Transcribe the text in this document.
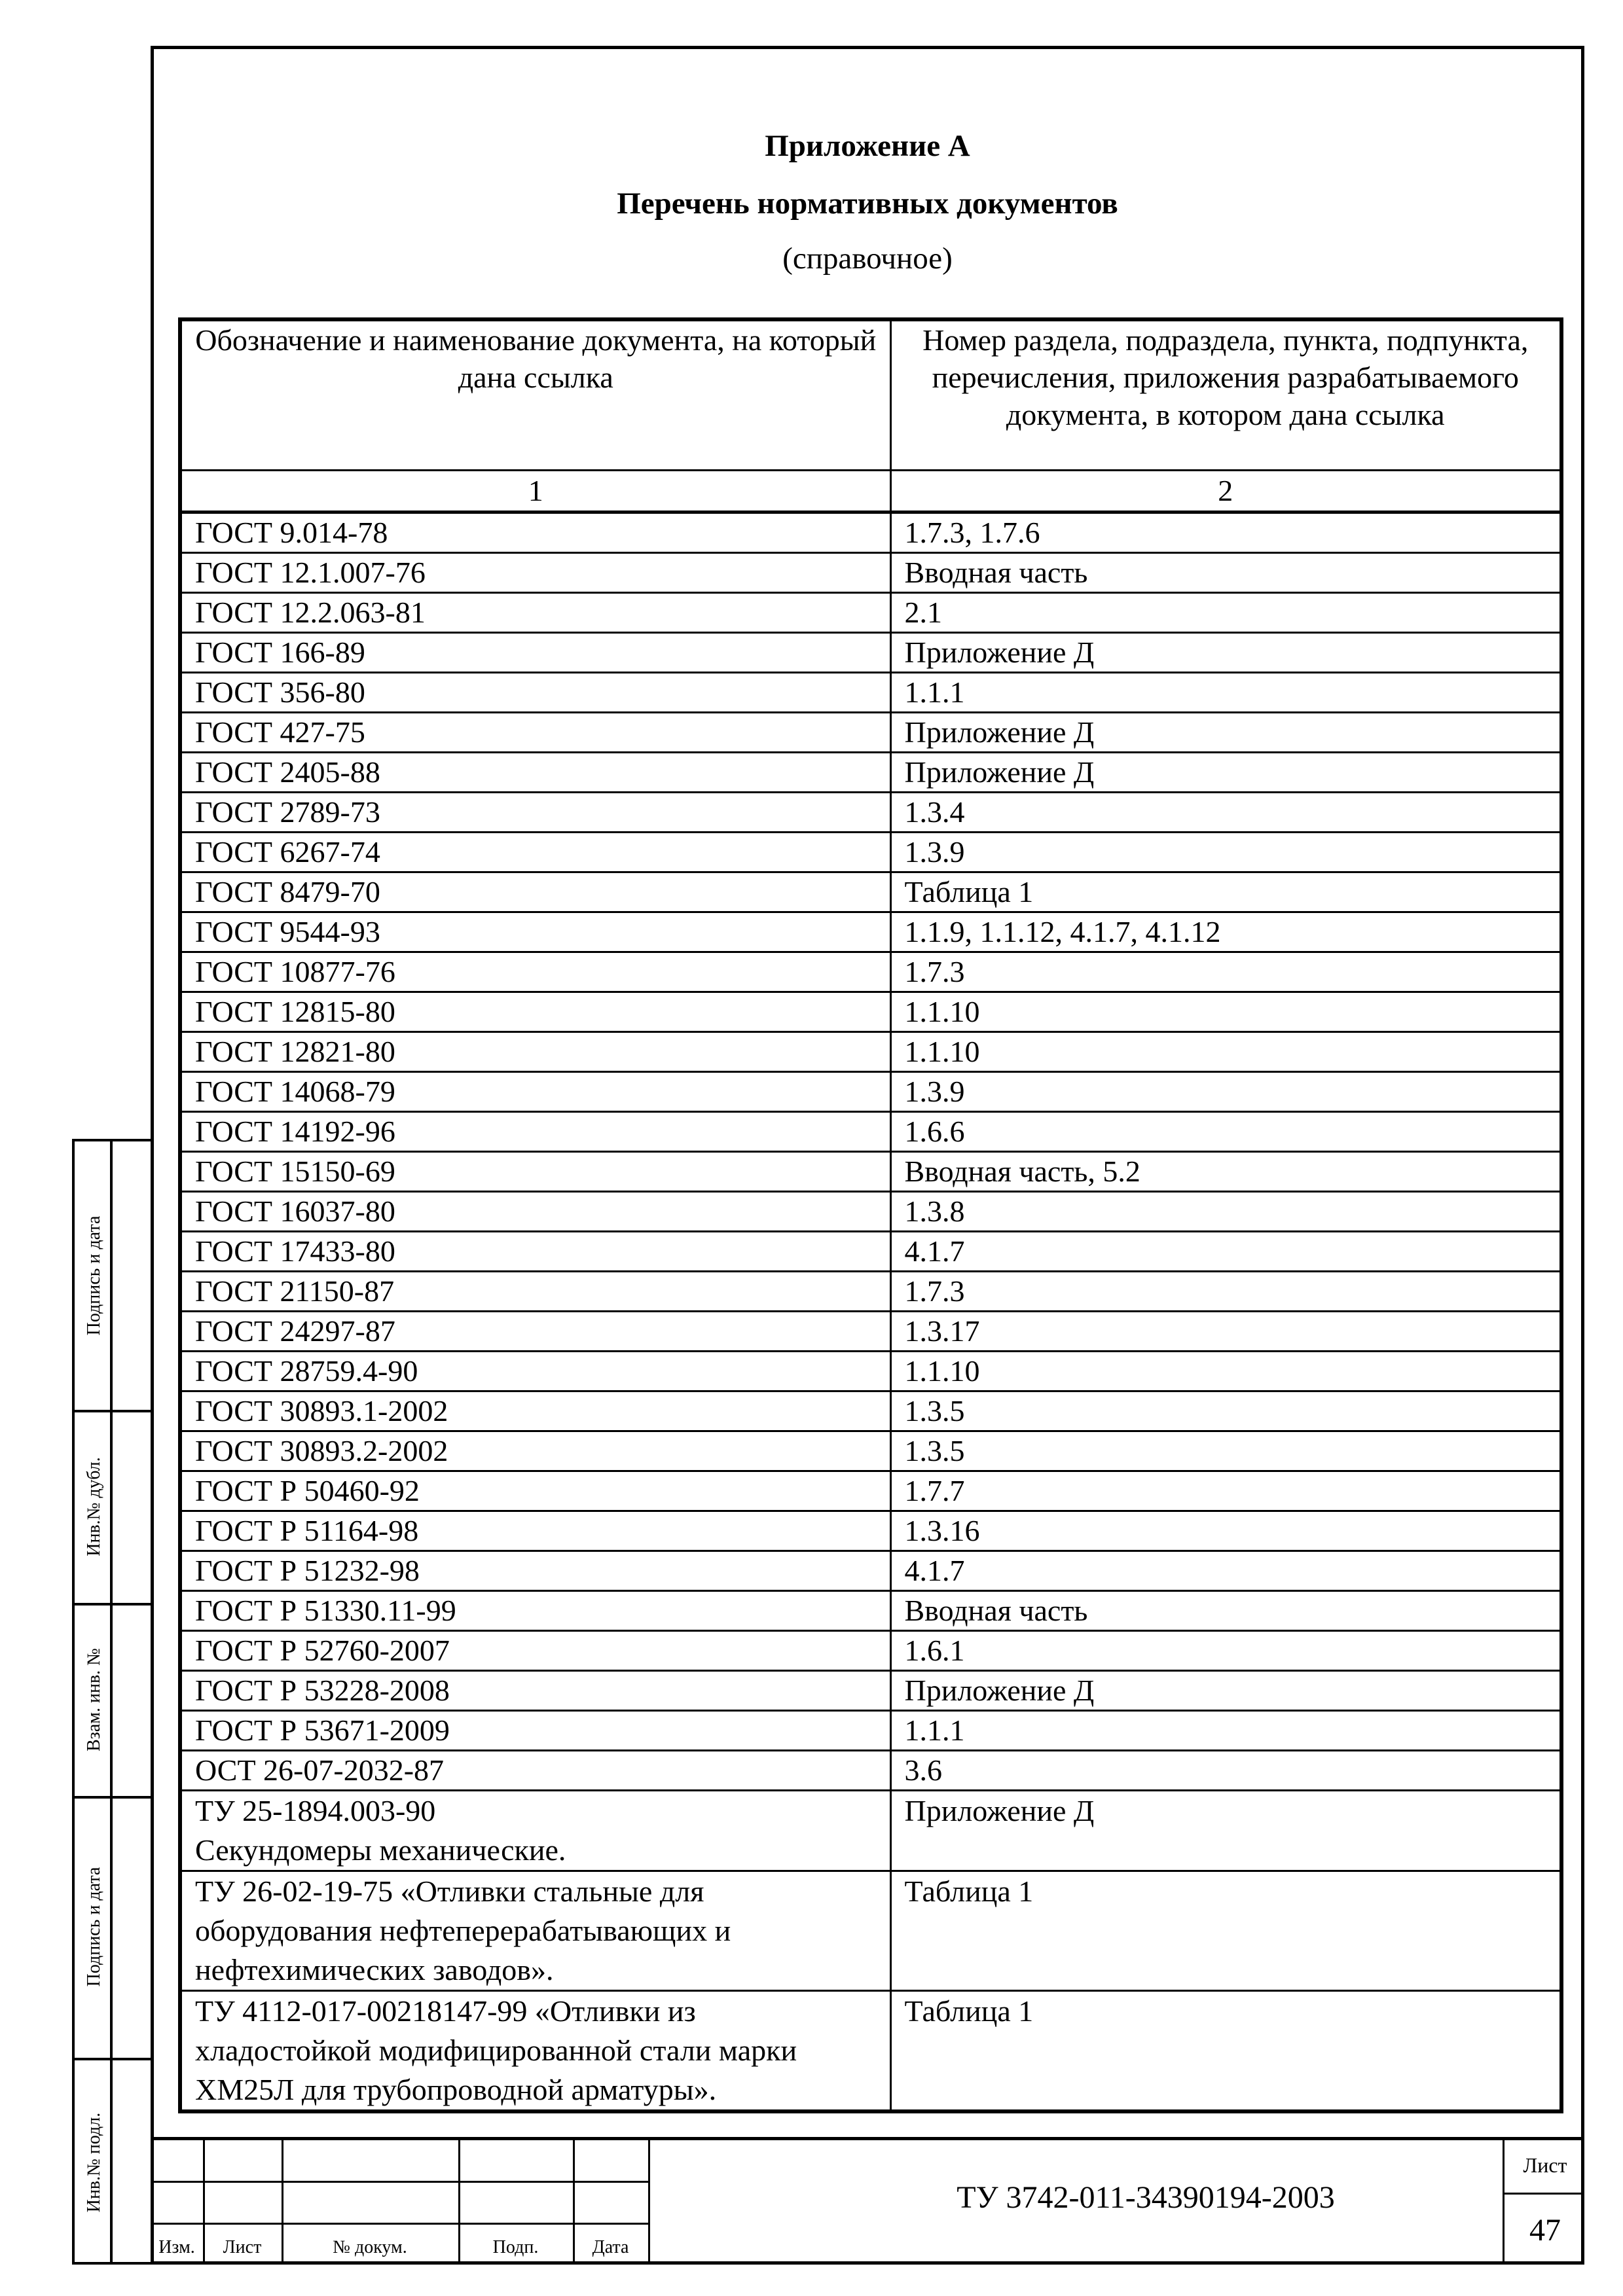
Подпись и дата
Инв.№ дубл.
Взам. инв. №
Подпись и дата
Инв.№ подл.
Приложение А
Перечень нормативных документов
(справочное)
Обозначение и наименование документа, на который дана ссылка	Номер раздела, подраздела, пункта, подпункта, перечисления, приложения разрабатываемого документа, в котором дана ссылка
1	2
ГОСТ 9.014-78	1.7.3, 1.7.6
ГОСТ 12.1.007-76	Вводная часть
ГОСТ 12.2.063-81	2.1
ГОСТ 166-89	Приложение Д
ГОСТ 356-80	1.1.1
ГОСТ 427-75	Приложение Д
ГОСТ 2405-88	Приложение Д
ГОСТ 2789-73	1.3.4
ГОСТ 6267-74	1.3.9
ГОСТ 8479-70	Таблица 1
ГОСТ 9544-93	1.1.9, 1.1.12, 4.1.7, 4.1.12
ГОСТ 10877-76	1.7.3
ГОСТ 12815-80	1.1.10
ГОСТ 12821-80	1.1.10
ГОСТ 14068-79	1.3.9
ГОСТ 14192-96	1.6.6
ГОСТ 15150-69	Вводная часть, 5.2
ГОСТ 16037-80	1.3.8
ГОСТ 17433-80	4.1.7
ГОСТ 21150-87	1.7.3
ГОСТ 24297-87	1.3.17
ГОСТ 28759.4-90	1.1.10
ГОСТ 30893.1-2002	1.3.5
ГОСТ 30893.2-2002	1.3.5
ГОСТ Р 50460-92	1.7.7
ГОСТ Р 51164-98	1.3.16
ГОСТ Р 51232-98	4.1.7
ГОСТ Р 51330.11-99	Вводная часть
ГОСТ Р 52760-2007	1.6.1
ГОСТ Р 53228-2008	Приложение Д
ГОСТ Р 53671-2009	1.1.1
ОСТ 26-07-2032-87	3.6
ТУ 25-1894.003-90
Секундомеры механические.	Приложение Д
ТУ 26-02-19-75 «Отливки стальные для оборудования нефтеперерабатывающих и нефтехимических заводов».	Таблица 1
ТУ 4112-017-00218147-99 «Отливки из хладостойкой модифицированной стали марки ХМ25Л для трубопроводной арматуры».	Таблица 1
Изм.	Лист	№ докум.	Подп.	Дата
ТУ 3742-011-34390194-2003
Лист
47
